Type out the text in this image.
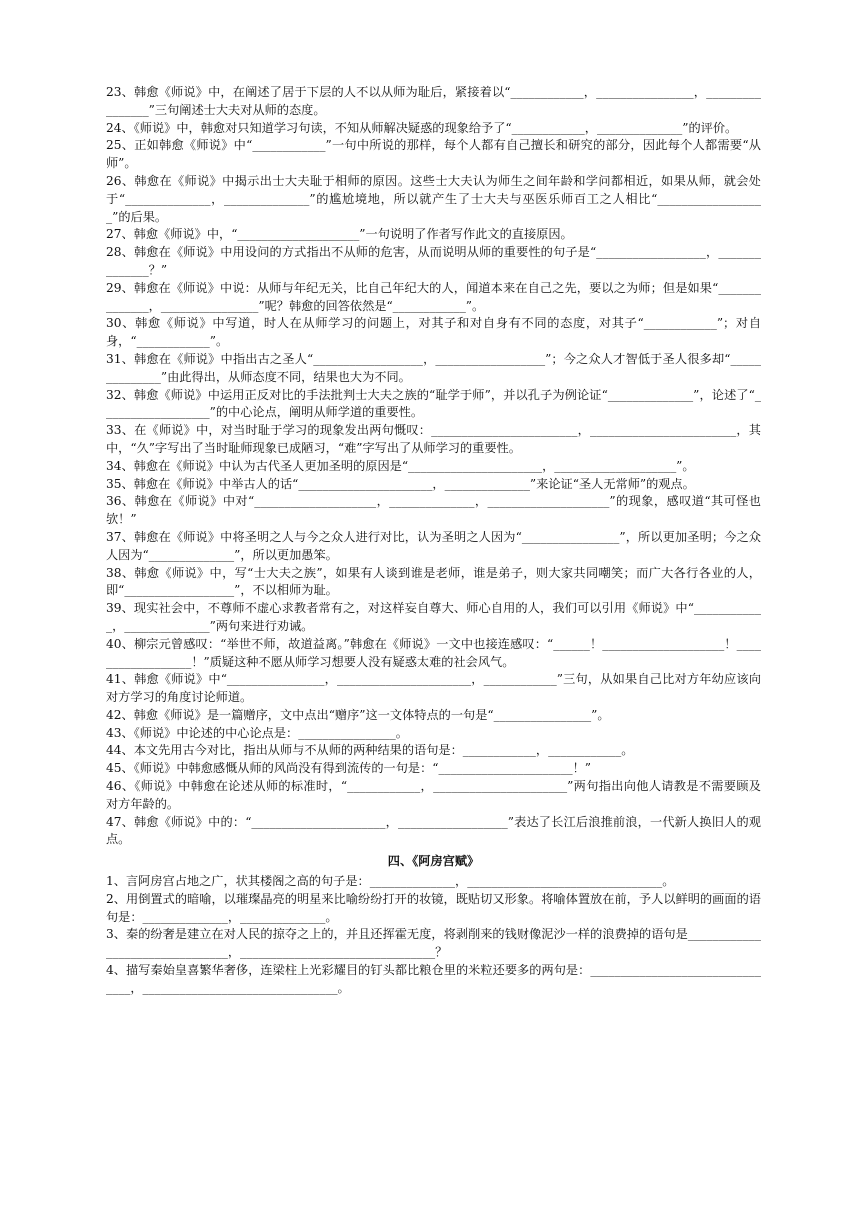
23、韩愈《师说》中，在阐述了居于下层的人不以从师为耻后，紧接着以“____________，________________，________________”三句阐述士大夫对从师的态度。

24、《师说》中，韩愈对只知道学习句读，不知从师解决疑惑的现象给予了“____________，______________”的评价。

25、正如韩愈《师说》中“____________”一句中所说的那样，每个人都有自己擅长和研究的部分，因此每个人都需要“从师”。

26、韩愈在《师说》中揭示出士大夫耻于相师的原因。这些士大夫认为师生之间年龄和学问都相近，如果从师，就会处于“______________，______________”的尴尬境地，所以就产生了士大夫与巫医乐师百工之人相比“__________________”的后果。

27、韩愈《师说》中，“____________________”一句说明了作者写作此文的直接原因。

28、韩愈在《师说》中用设问的方式指出不从师的危害，从而说明从师的重要性的句子是“__________________，______________？”

29、韩愈在《师说》中说：从师与年纪无关，比自己年纪大的人，闻道本来在自己之先，要以之为师；但是如果“______________，________________”呢？韩愈的回答依然是“____________”。

30、韩愈《师说》中写道，时人在从师学习的问题上，对其子和对自身有不同的态度，对其子“____________”；对自身，“____________”。

31、韩愈在《师说》中指出古之圣人“__________________，__________________”；今之众人才智低于圣人很多却“______________”由此得出，从师态度不同，结果也大为不同。

32、韩愈《师说》中运用正反对比的手法批判士大夫之族的“耻学于师”，并以孔子为例论证“______________”，论述了“__________________”的中心论点，阐明从师学道的重要性。

33、在《师说》中，对当时耻于学习的现象发出两句慨叹：________________________，________________________，其中，“久”字写出了当时耻师现象已成陋习，“难”字写出了从师学习的重要性。

34、韩愈在《师说》中认为古代圣人更加圣明的原因是“______________________，____________________”。

35、韩愈在《师说》中举古人的话“______________________，______________”来论证“圣人无常师”的观点。

36、韩愈在《师说》中对“____________________，______________，____________________”的现象，感叹道“其可怪也欤！”

37、韩愈在《师说》中将圣明之人与今之众人进行对比，认为圣明之人因为“________________”，所以更加圣明；今之众人因为“______________”，所以更加愚笨。

38、韩愈《师说》中，写“士大夫之族”，如果有人谈到谁是老师，谁是弟子，则大家共同嘲笑；而广大各行各业的人，即“__________________”，不以相师为耻。

39、现实社会中，不尊师不虚心求教者常有之，对这样妄自尊大、师心自用的人，我们可以引用《师说》中“____________，______________”两句来进行劝诫。

40、柳宗元曾感叹：“举世不师，故道益离。”韩愈在《师说》一文中也接连感叹：“______！____________________！__________________！”质疑这种不愿从师学习想要人没有疑惑太难的社会风气。

41、韩愈《师说》中“________________，______________________，____________”三句，从如果自己比对方年幼应该向对方学习的角度讨论师道。

42、韩愈《师说》是一篇赠序，文中点出“赠序”这一文体特点的一句是“________________”。

43、《师说》中论述的中心论点是：________________。

44、本文先用古今对比，指出从师与不从师的两种结果的语句是：____________，____________。

45、《师说》中韩愈感慨从师的风尚没有得到流传的一句是：“______________________！”

46、《师说》中韩愈在论述从师的标准时，“____________，______________________”两句指出向他人请教是不需要顾及对方年龄的。

47、韩愈《师说》中的：“______________________，__________________”表达了长江后浪推前浪，一代新人换旧人的观点。

四、《阿房宫赋》

1、言阿房宫占地之广，状其楼阁之高的句子是：______________，________________________________。

2、用倒置式的暗喻，以璀璨晶亮的明星来比喻纷纷打开的妆镜，既贴切又形象。将喻体置放在前，予人以鲜明的画面的语句是：______________，______________。

3、秦的纷奢是建立在对人民的掠夺之上的，并且还挥霍无度，将剥削来的钱财像泥沙一样的浪费掉的语句是________________________________，________________________________？

4、描写秦始皇喜繁华奢侈，连梁柱上光彩耀目的钉头都比粮仓里的米粒还要多的两句是：________________________________，________________________________。
